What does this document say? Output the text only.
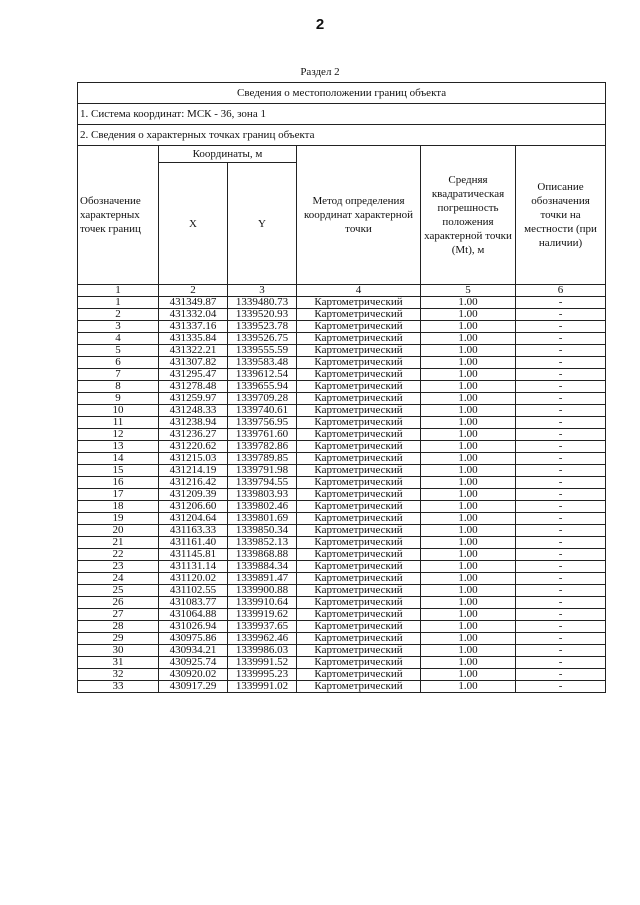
2
Раздел 2
Сведения о местоположении границ объекта					
1. Система координат: МСК - 36, зона 1					
2. Сведения о характерных точках границ объекта					
Обозначение характерных точек границ	Координаты, м		Метод определения координат характерной точки	Средняя квадратическая погрешность положения характерной точки (Mt), м	Описание обозначения точки на местности (при наличии)
	X	Y			
1	2	3	4	5	6
1	431349.87	1339480.73	Картометрический	1.00	-
2	431332.04	1339520.93	Картометрический	1.00	-
3	431337.16	1339523.78	Картометрический	1.00	-
4	431335.84	1339526.75	Картометрический	1.00	-
5	431322.21	1339555.59	Картометрический	1.00	-
6	431307.82	1339583.48	Картометрический	1.00	-
7	431295.47	1339612.54	Картометрический	1.00	-
8	431278.48	1339655.94	Картометрический	1.00	-
9	431259.97	1339709.28	Картометрический	1.00	-
10	431248.33	1339740.61	Картометрический	1.00	-
11	431238.94	1339756.95	Картометрический	1.00	-
12	431236.27	1339761.60	Картометрический	1.00	-
13	431220.62	1339782.86	Картометрический	1.00	-
14	431215.03	1339789.85	Картометрический	1.00	-
15	431214.19	1339791.98	Картометрический	1.00	-
16	431216.42	1339794.55	Картометрический	1.00	-
17	431209.39	1339803.93	Картометрический	1.00	-
18	431206.60	1339802.46	Картометрический	1.00	-
19	431204.64	1339801.69	Картометрический	1.00	-
20	431163.33	1339850.34	Картометрический	1.00	-
21	431161.40	1339852.13	Картометрический	1.00	-
22	431145.81	1339868.88	Картометрический	1.00	-
23	431131.14	1339884.34	Картометрический	1.00	-
24	431120.02	1339891.47	Картометрический	1.00	-
25	431102.55	1339900.88	Картометрический	1.00	-
26	431083.77	1339910.64	Картометрический	1.00	-
27	431064.88	1339919.62	Картометрический	1.00	-
28	431026.94	1339937.65	Картометрический	1.00	-
29	430975.86	1339962.46	Картометрический	1.00	-
30	430934.21	1339986.03	Картометрический	1.00	-
31	430925.74	1339991.52	Картометрический	1.00	-
32	430920.02	1339995.23	Картометрический	1.00	-
33	430917.29	1339991.02	Картометрический	1.00	-
